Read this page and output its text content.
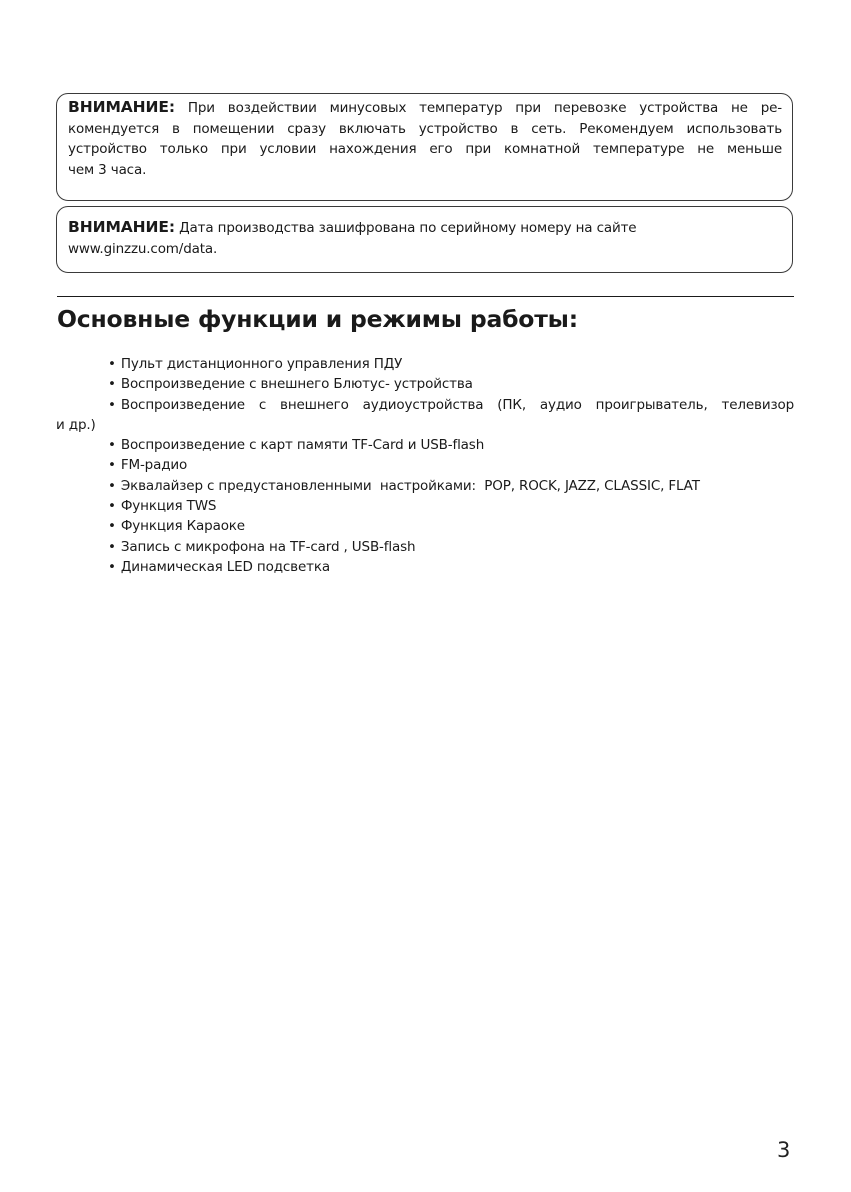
ВНИМАНИЕ: При воздействии минусовых температур при перевозке устройства не ре-
комендуется в помещении сразу включать устройство в сеть. Рекомендуем использовать
устройство только при условии нахождения его при комнатной температуре не меньше
чем 3 часа.
ВНИМАНИЕ: Дата производства зашифрована по серийному номеру на сайте
www.ginzzu.com/data.
Основные функции и режимы работы:
• Пульт дистанционного управления ПДУ
• Воспроизведение с внешнего Блютус- устройства
• Воспроизведение с внешнего аудиоустройства (ПК, аудио проигрыватель, телевизор
и др.)
• Воспроизведение с карт памяти TF-Card и USB-flash
• FM-радио
• Эквалайзер с предустановленными  настройками:  POP, ROCK, JAZZ, CLASSIC, FLAT
• Функция TWS
• Функция Караоке
• Запись с микрофона на TF-card , USB-flash
• Динамическая LED подсветка
3
